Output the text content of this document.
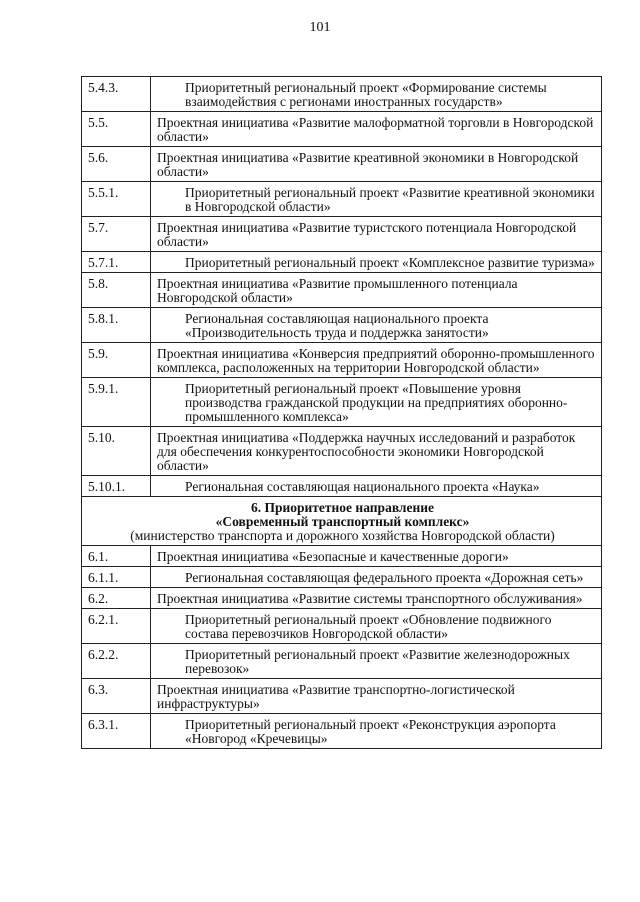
101
5.4.3.	Приоритетный региональный проект «Формирование системы взаимодействия с регионами иностранных государств»
5.5.	Проектная инициатива «Развитие малоформатной торговли в Новгородской области»
5.6.	Проектная инициатива «Развитие креативной экономики в Новгородской области»
5.5.1.	Приоритетный региональный проект «Развитие креативной экономики в Новгородской области»
5.7.	Проектная инициатива «Развитие туристского потенциала Новгородской области»
5.7.1.	Приоритетный региональный проект «Комплексное развитие туризма»
5.8.	Проектная инициатива «Развитие промышленного потенциала Новгородской области»
5.8.1.	Региональная составляющая национального проекта «Производительность труда и поддержка занятости»
5.9.	Проектная инициатива «Конверсия предприятий оборонно-промышленного комплекса, расположенных на территории Новгородской области»
5.9.1.	Приоритетный региональный проект «Повышение уровня производства гражданской продукции на предприятиях оборонно-промышленного комплекса»
5.10.	Проектная инициатива «Поддержка научных исследований и разработок для обеспечения конкурентоспособности экономики Новгородской области»
5.10.1.	Региональная составляющая национального проекта «Наука»

6. Приоритетное направление
«Современный транспортный комплекс»
(министерство транспорта и дорожного хозяйства Новгородской области)	

6.1.	Проектная инициатива «Безопасные и качественные дороги»
6.1.1.	Региональная составляющая федерального проекта «Дорожная сеть»
6.2.	Проектная инициатива «Развитие системы транспортного обслуживания»
6.2.1.	Приоритетный региональный проект «Обновление подвижного состава перевозчиков Новгородской области»
6.2.2.	Приоритетный региональный проект «Развитие железнодорожных перевозок»
6.3.	Проектная инициатива «Развитие транспортно-логистической инфраструктуры»
6.3.1.	Приоритетный региональный проект «Реконструкция аэропорта «Новгород «Кречевицы»
